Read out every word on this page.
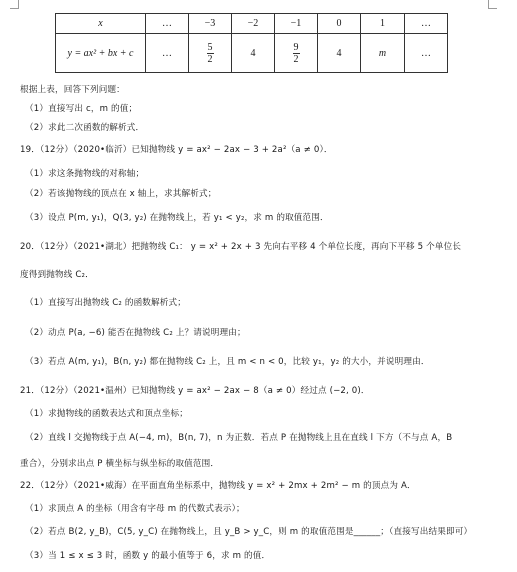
x	…	−3	−2	−1	0	1	…
y = ax² + bx + c	…	$\frac{5}{2}$	4	$\frac{9}{2}$	4	m	…
根据上表，回答下列问题：
（1）直接写出 c，m 的值；
（2）求此二次函数的解析式．
19．（12分）（2020•临沂）已知抛物线 y = ax² − 2ax − 3 + 2a²（a ≠ 0）．
（1）求这条抛物线的对称轴；
（2）若该抛物线的顶点在 x 轴上，求其解析式；
（3）设点 P(m, y₁)，Q(3, y₂) 在抛物线上，若 y₁ < y₂，求 m 的取值范围．
20．（12分）（2021•湖北）把抛物线 C₁： y = x² + 2x + 3 先向右平移 4 个单位长度，再向下平移 5 个单位长
度得到抛物线 C₂．
（1）直接写出抛物线 C₂ 的函数解析式；
（2）动点 P(a, −6) 能否在抛物线 C₂ 上？请说明理由；
（3）若点 A(m, y₁)，B(n, y₂) 都在抛物线 C₂ 上，且 m < n < 0，比较 y₁，y₂ 的大小，并说明理由．
21．（12分）（2021•温州）已知抛物线 y = ax² − 2ax − 8（a ≠ 0）经过点 (−2, 0)．
（1）求抛物线的函数表达式和顶点坐标；
（2）直线 l 交抛物线于点 A(−4, m)，B(n, 7)，n 为正数．若点 P 在抛物线上且在直线 l 下方（不与点 A，B
重合），分别求出点 P 横坐标与纵坐标的取值范围．
22．（12分）（2021•威海）在平面直角坐标系中，抛物线 y = x² + 2mx + 2m² − m 的顶点为 A．
（1）求顶点 A 的坐标（用含有字母 m 的代数式表示）；
（2）若点 B(2, y_B)，C(5, y_C) 在抛物线上，且 y_B > y_C，则 m 的取值范围是______；（直接写出结果即可）
（3）当 1 ≤ x ≤ 3 时，函数 y 的最小值等于 6，求 m 的值．
